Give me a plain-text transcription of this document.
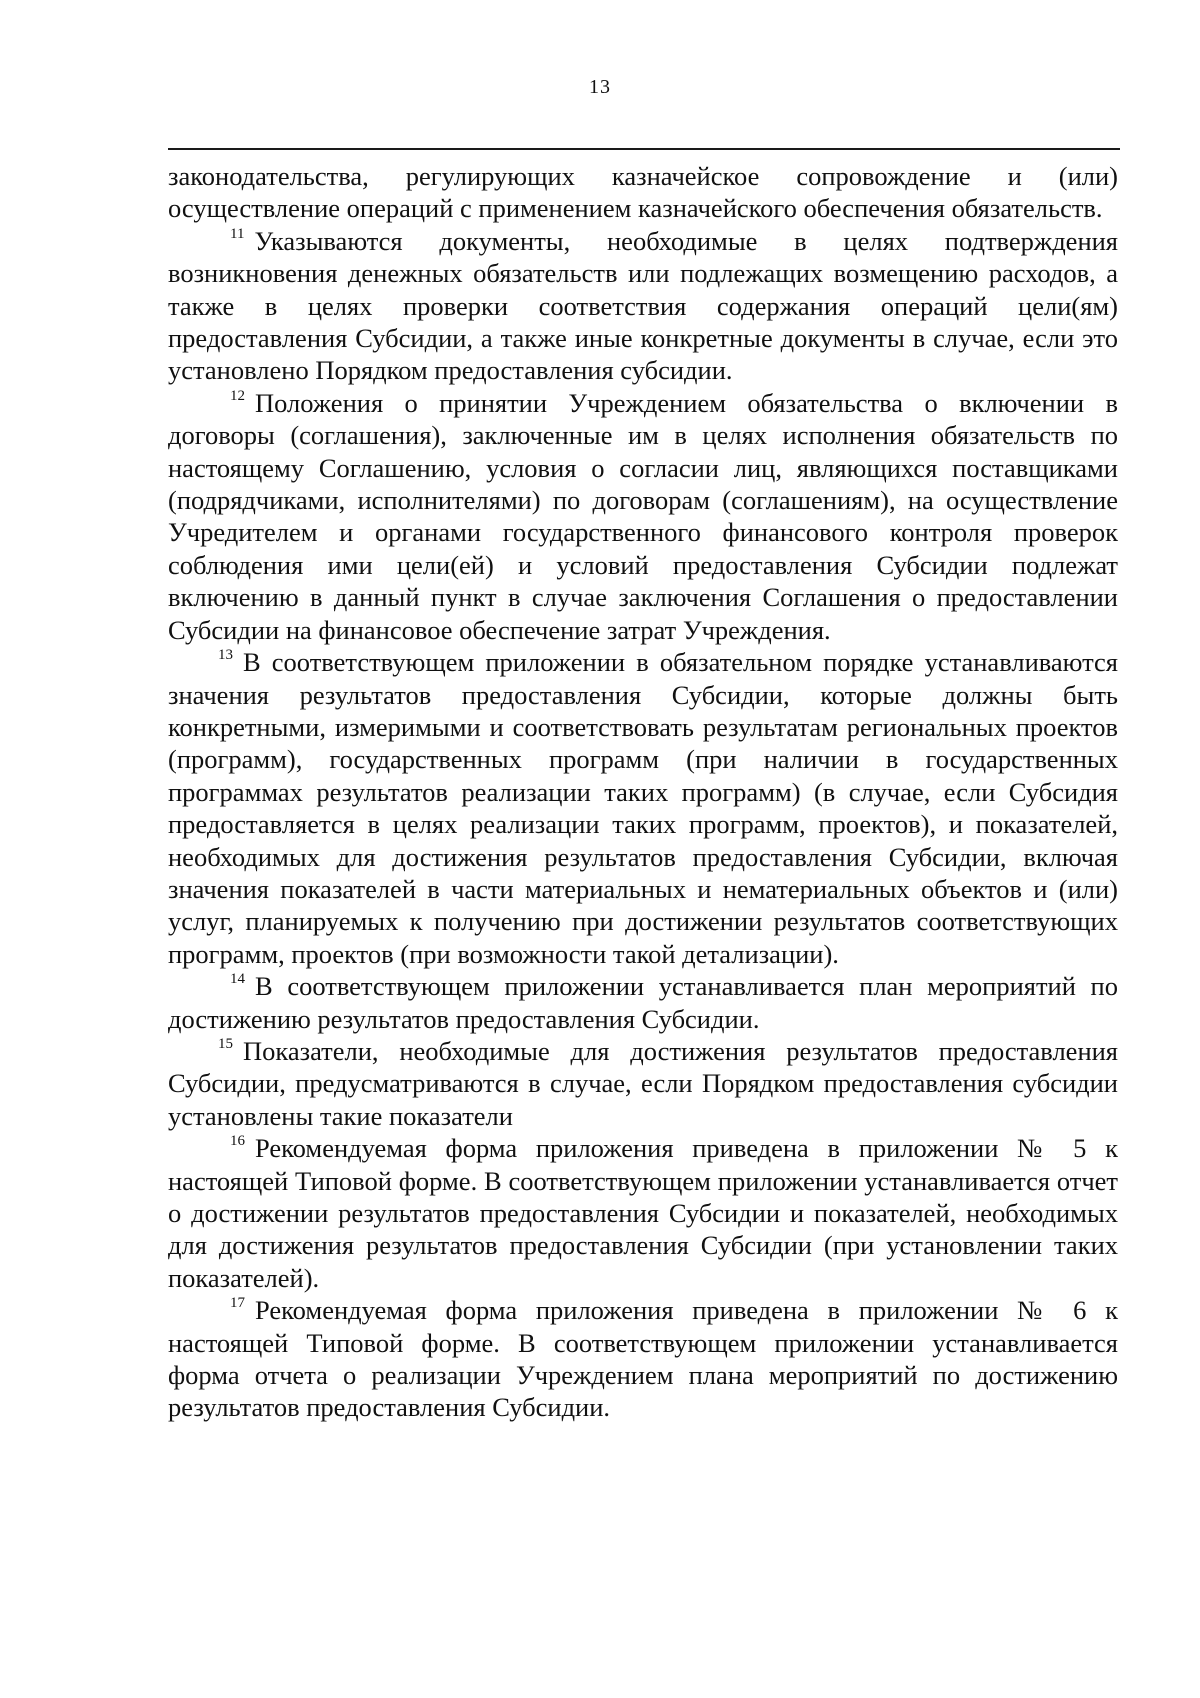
13

законодательства, регулирующих казначейское сопровождение и (или) осуществление операций с применением казначейского обеспечения обязательств.

$^{11}$ Указываются документы, необходимые в целях подтверждения возникновения денежных обязательств или подлежащих возмещению расходов, а также в целях проверки соответствия содержания операций цели(ям) предоставления Субсидии, а также иные конкретные документы в случае, если это установлено Порядком предоставления субсидии.

$^{12}$ Положения о принятии Учреждением обязательства о включении в договоры (соглашения), заключенные им в целях исполнения обязательств по настоящему Соглашению, условия о согласии лиц, являющихся поставщиками (подрядчиками, исполнителями) по договорам (соглашениям), на осуществление Учредителем и органами государственного финансового контроля проверок соблюдения ими цели(ей) и условий предоставления Субсидии подлежат включению в данный пункт в случае заключения Соглашения о предоставлении Субсидии на финансовое обеспечение затрат Учреждения.

$^{13}$ В соответствующем приложении в обязательном порядке устанавливаются значения результатов предоставления Субсидии, которые должны быть конкретными, измеримыми и соответствовать результатам региональных проектов (программ), государственных программ (при наличии в государственных программах результатов реализации таких программ) (в случае, если Субсидия предоставляется в целях реализации таких программ, проектов), и показателей, необходимых для достижения результатов предоставления Субсидии, включая значения показателей в части материальных и нематериальных объектов и (или) услуг, планируемых к получению при достижении результатов соответствующих программ, проектов (при возможности такой детализации).

$^{14}$ В соответствующем приложении устанавливается план мероприятий по достижению результатов предоставления Субсидии.

$^{15}$ Показатели, необходимые для достижения результатов предоставления Субсидии, предусматриваются в случае, если Порядком предоставления субсидии установлены такие показатели

$^{16}$ Рекомендуемая форма приложения приведена в приложении № 5 к настоящей Типовой форме. В соответствующем приложении устанавливается отчет о достижении результатов предоставления Субсидии и показателей, необходимых для достижения результатов предоставления Субсидии (при установлении таких показателей).

$^{17}$ Рекомендуемая форма приложения приведена в приложении № 6 к настоящей Типовой форме. В соответствующем приложении устанавливается форма отчета о реализации Учреждением плана мероприятий по достижению результатов предоставления Субсидии.
